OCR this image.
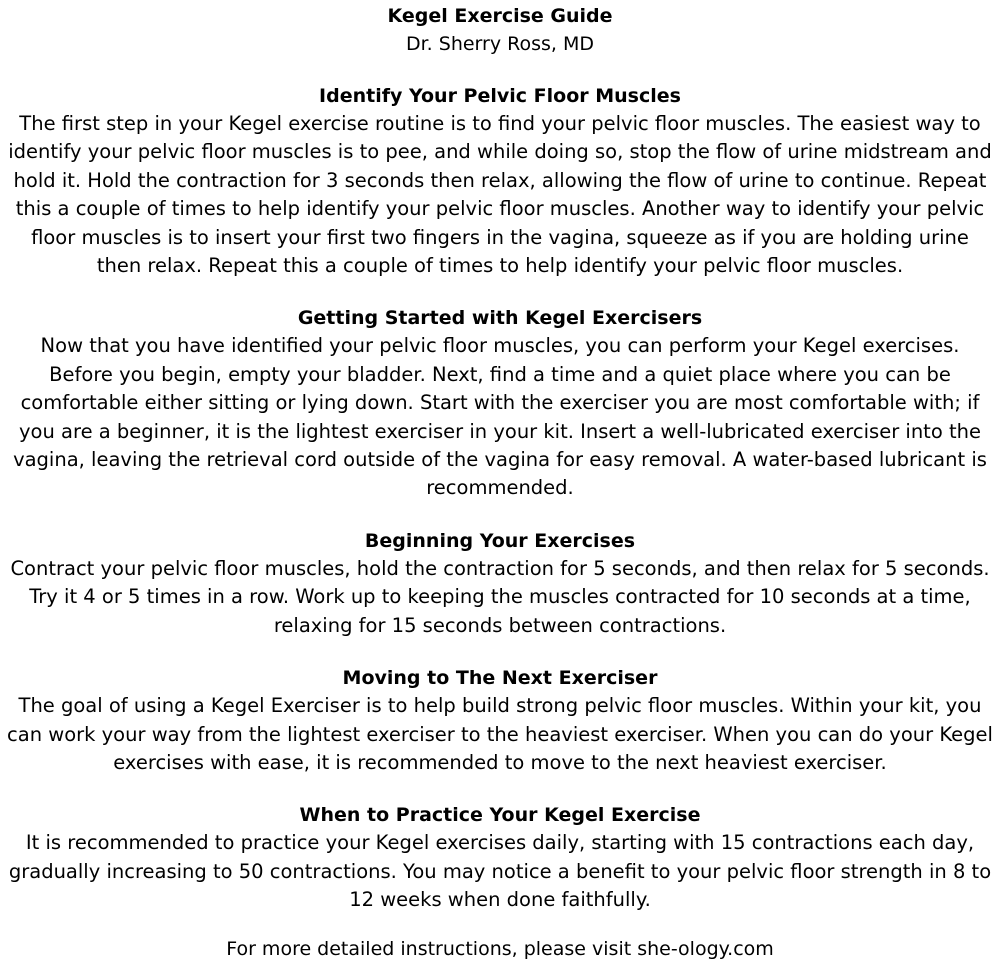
Kegel Exercise Guide
Dr. Sherry Ross, MD

Identify Your Pelvic Floor Muscles

The first step in your Kegel exercise routine is to find your pelvic floor muscles. The easiest way to identify your pelvic floor muscles is to pee, and while doing so, stop the flow of urine midstream and hold it. Hold the contraction for 3 seconds then relax, allowing the flow of urine to continue. Repeat this a couple of times to help identify your pelvic floor muscles. Another way to identify your pelvic floor muscles is to insert your first two fingers in the vagina, squeeze as if you are holding urine then relax. Repeat this a couple of times to help identify your pelvic floor muscles.

Getting Started with Kegel Exercisers

Now that you have identified your pelvic floor muscles, you can perform your Kegel exercises. Before you begin, empty your bladder. Next, find a time and a quiet place where you can be comfortable either sitting or lying down. Start with the exerciser you are most comfortable with; if you are a beginner, it is the lightest exerciser in your kit. Insert a well-lubricated exerciser into the vagina, leaving the retrieval cord outside of the vagina for easy removal. A water-based lubricant is recommended.

Beginning Your Exercises

Contract your pelvic floor muscles, hold the contraction for 5 seconds, and then relax for 5 seconds. Try it 4 or 5 times in a row. Work up to keeping the muscles contracted for 10 seconds at a time, relaxing for 15 seconds between contractions.

Moving to The Next Exerciser

The goal of using a Kegel Exerciser is to help build strong pelvic floor muscles. Within your kit, you can work your way from the lightest exerciser to the heaviest exerciser. When you can do your Kegel exercises with ease, it is recommended to move to the next heaviest exerciser.

When to Practice Your Kegel Exercise

It is recommended to practice your Kegel exercises daily, starting with 15 contractions each day, gradually increasing to 50 contractions. You may notice a benefit to your pelvic floor strength in 8 to 12 weeks when done faithfully.

For more detailed instructions, please visit she-ology.com
